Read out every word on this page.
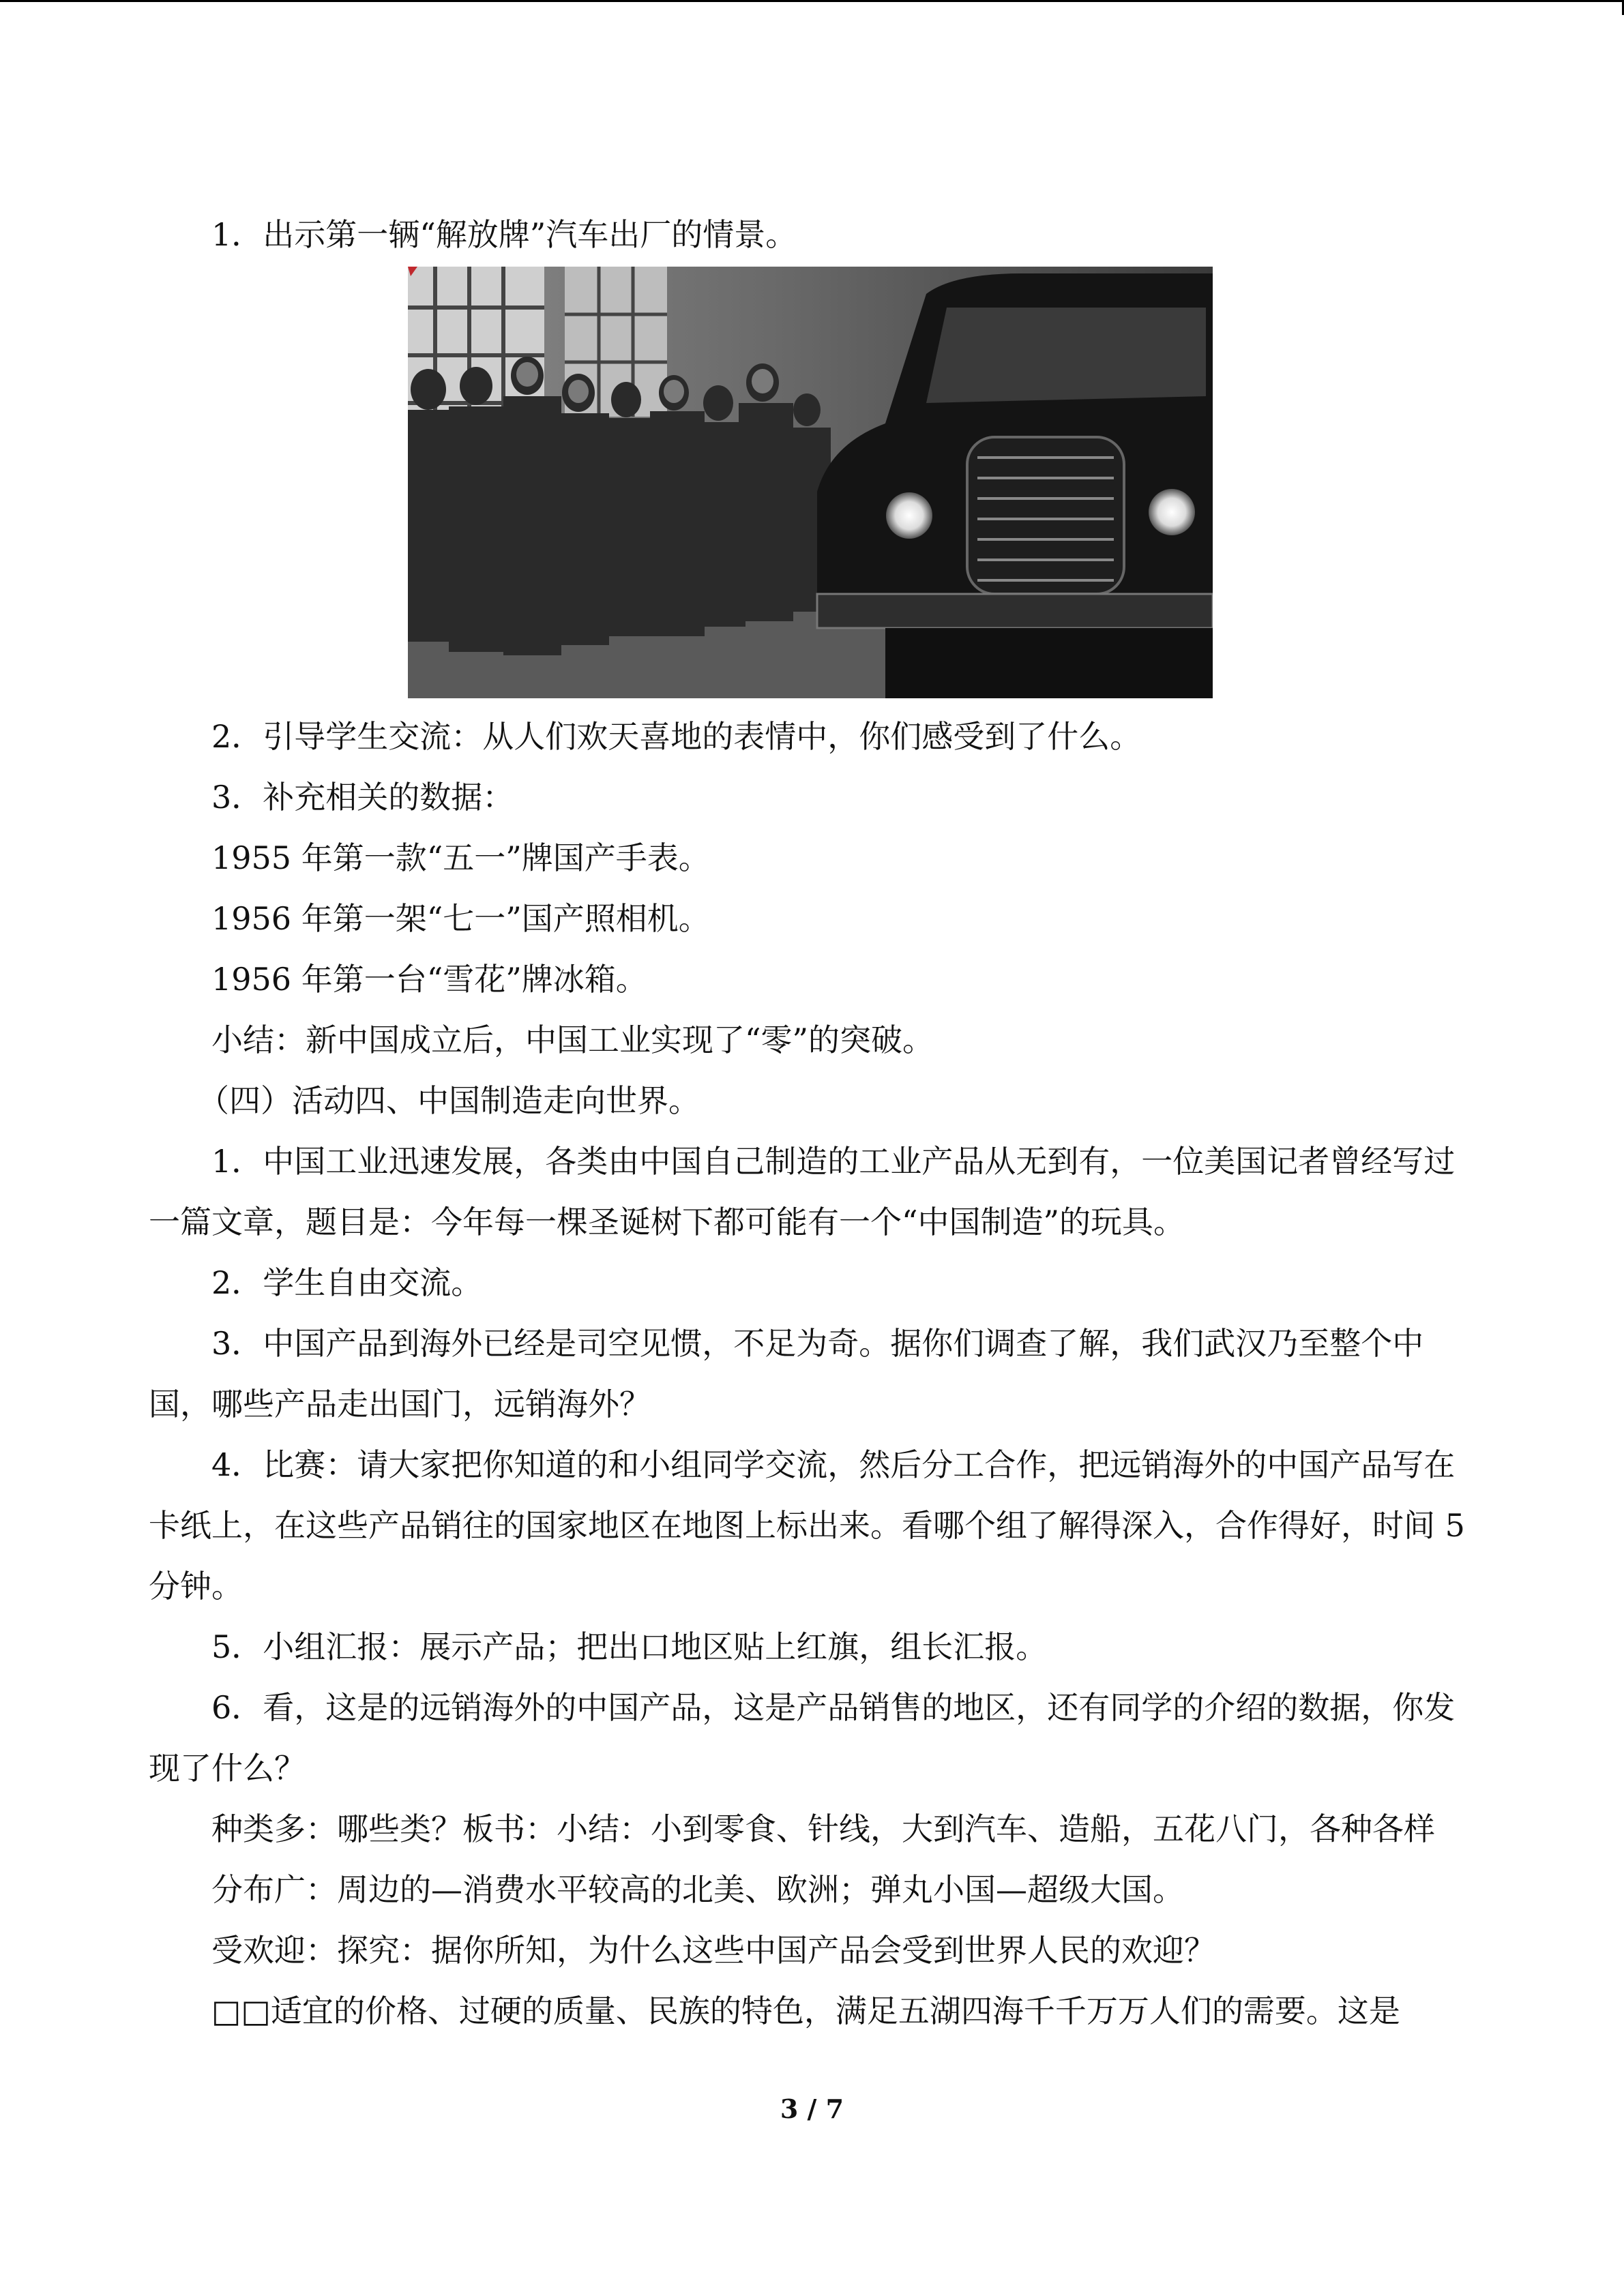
1．出示第一辆“解放牌”汽车出厂的情景。

2．引导学生交流：从人们欢天喜地的表情中，你们感受到了什么。

3．补充相关的数据：

1955 年第一款“五一”牌国产手表。

1956 年第一架“七一”国产照相机。

1956 年第一台“雪花”牌冰箱。

小结：新中国成立后，中国工业实现了“零”的突破。

（四）活动四、中国制造走向世界。

1．中国工业迅速发展，各类由中国自己制造的工业产品从无到有，一位美国记者曾经写过一篇文章，题目是：今年每一棵圣诞树下都可能有一个“中国制造”的玩具。

2．学生自由交流。

3．中国产品到海外已经是司空见惯，不足为奇。据你们调查了解，我们武汉乃至整个中国，哪些产品走出国门，远销海外？

4．比赛：请大家把你知道的和小组同学交流，然后分工合作，把远销海外的中国产品写在卡纸上，在这些产品销往的国家地区在地图上标出来。看哪个组了解得深入，合作得好，时间 5 分钟。

5．小组汇报：展示产品；把出口地区贴上红旗，组长汇报。

6．看，这是的远销海外的中国产品，这是产品销售的地区，还有同学的介绍的数据，你发现了什么？

种类多：哪些类？板书：小结：小到零食、针线，大到汽车、造船，五花八门，各种各样

分布广：周边的—消费水平较高的北美、欧洲；弹丸小国—超级大国。

受欢迎：探究：据你所知，为什么这些中国产品会受到世界人民的欢迎？

□□适宜的价格、过硬的质量、民族的特色，满足五湖四海千千万万人们的需要。这是

3 / 7
